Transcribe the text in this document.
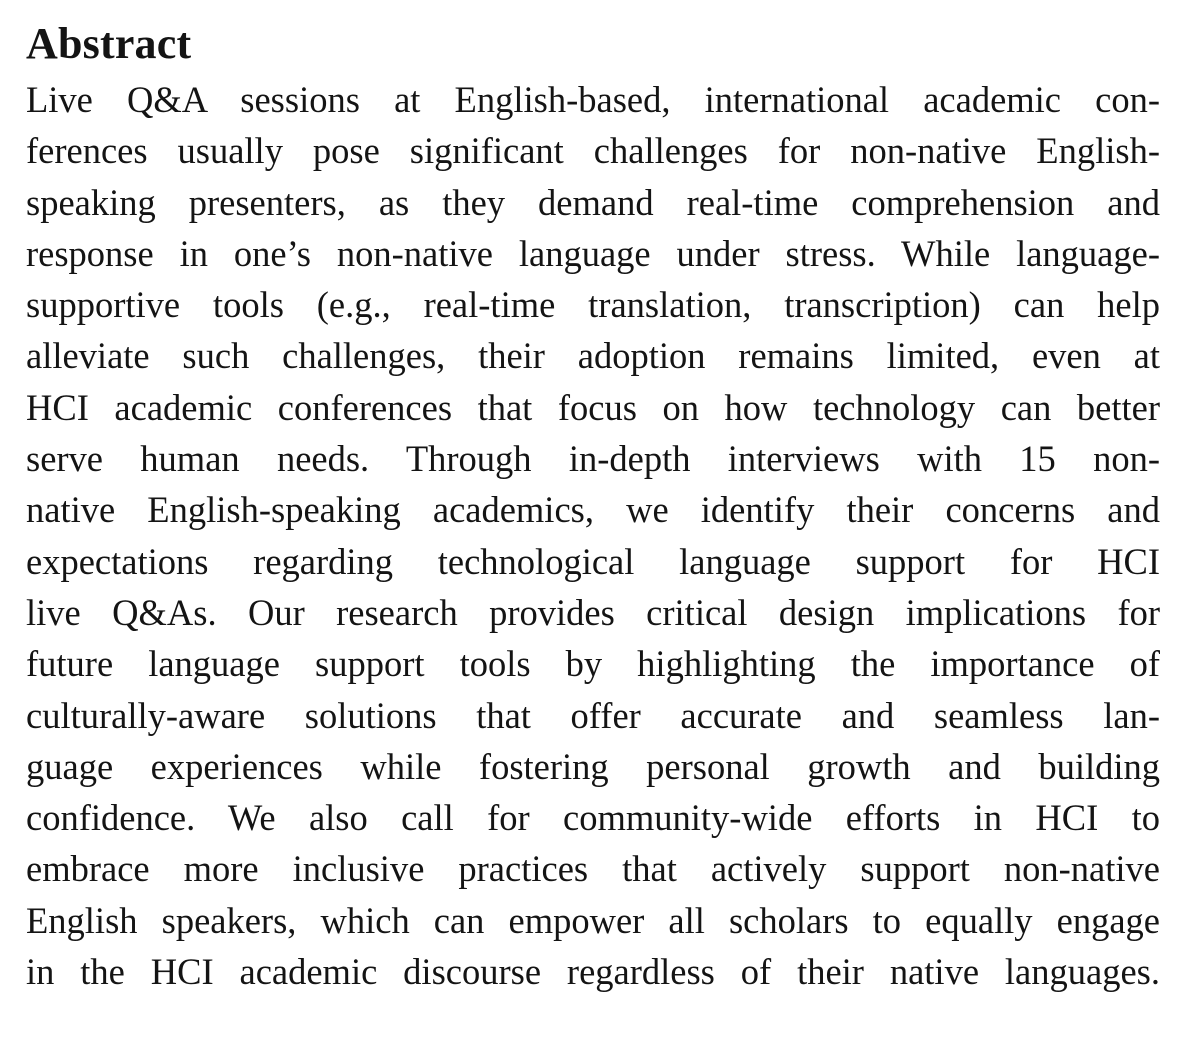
Abstract
Live Q&A sessions at English-based, international academic con-
ferences usually pose significant challenges for non-native English-
speaking presenters, as they demand real-time comprehension and
response in one’s non-native language under stress. While language-
supportive tools (e.g., real-time translation, transcription) can help
alleviate such challenges, their adoption remains limited, even at
HCI academic conferences that focus on how technology can better
serve human needs. Through in-depth interviews with 15 non-
native English-speaking academics, we identify their concerns and
expectations regarding technological language support for HCI
live Q&As. Our research provides critical design implications for
future language support tools by highlighting the importance of
culturally-aware solutions that offer accurate and seamless lan-
guage experiences while fostering personal growth and building
confidence. We also call for community-wide efforts in HCI to
embrace more inclusive practices that actively support non-native
English speakers, which can empower all scholars to equally engage
in the HCI academic discourse regardless of their native languages.
